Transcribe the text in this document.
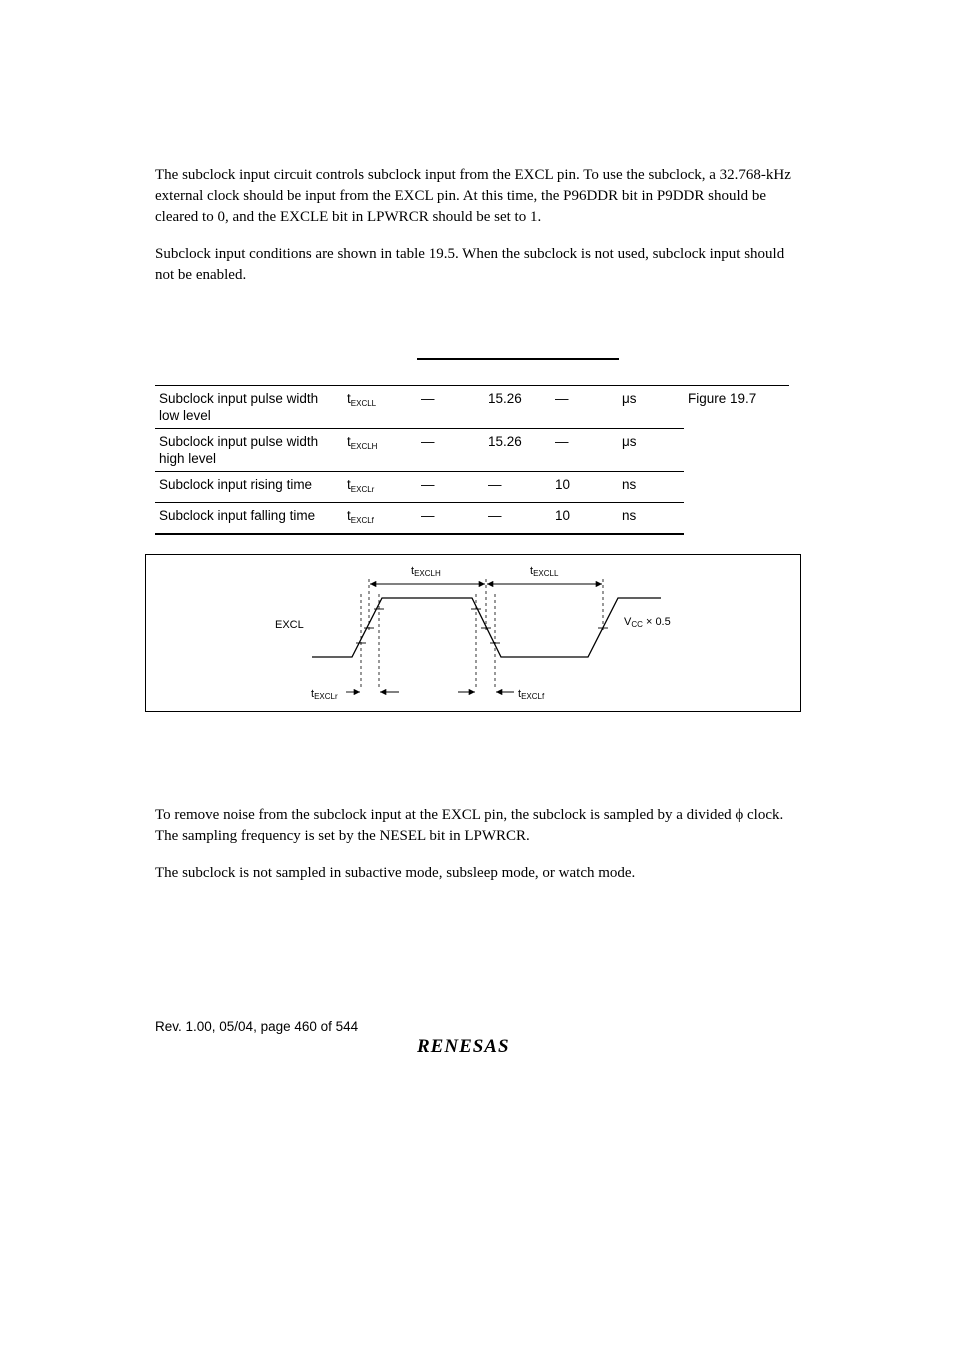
The subclock input circuit controls subclock input from the EXCL pin. To use the subclock, a 32.768-kHz external clock should be input from the EXCL pin. At this time, the P96DDR bit in P9DDR should be cleared to 0, and the EXCLE bit in LPWRCR should be set to 1.

Subclock input conditions are shown in table 19.5. When the subclock is not used, subclock input should not be enabled.

Subclock input pulse width low level	$t_{EXCLL}$	—	15.26	—	μs	Figure 19.7
Subclock input pulse width high level	$t_{EXCLH}$	—	15.26	—	μs	
Subclock input rising time	$t_{EXCLr}$	—	—	10	ns	
Subclock input falling time	$t_{EXCLf}$	—	—	10	ns	
EXCL
$t_{EXCLH}$	$t_{EXCLL}$
$V_{CC} \times 0.5$
$t_{EXCLr}$	$t_{EXCLf}$

To remove noise from the subclock input at the EXCL pin, the subclock is sampled by a divided ϕ clock. The sampling frequency is set by the NESEL bit in LPWRCR.

The subclock is not sampled in subactive mode, subsleep mode, or watch mode.

Rev. 1.00, 05/04, page 460 of 544
RENESAS
